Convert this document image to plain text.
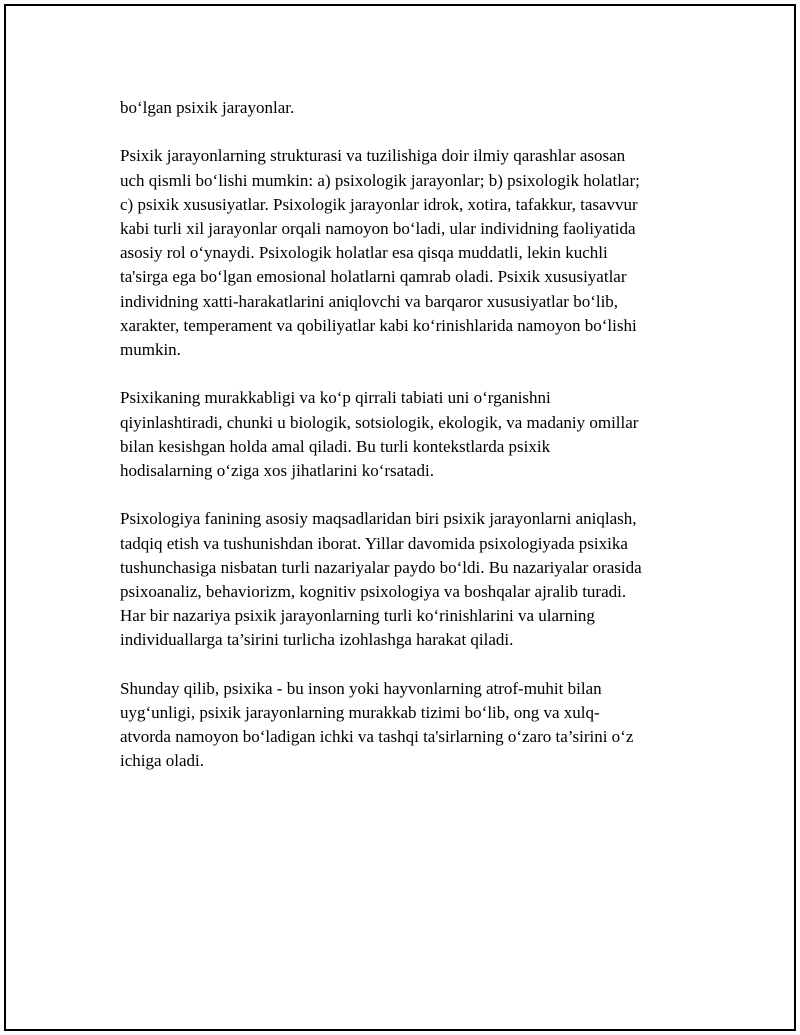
bo‘lgan psixik jarayonlar.

Psixik jarayonlarning strukturasi va tuzilishiga doir ilmiy qarashlar asosan
uch qismli bo‘lishi mumkin: a) psixologik jarayonlar; b) psixologik holatlar;
c) psixik xususiyatlar. Psixologik jarayonlar idrok, xotira, tafakkur, tasavvur
kabi turli xil jarayonlar orqali namoyon bo‘ladi, ular individning faoliyatida
asosiy rol o‘ynaydi. Psixologik holatlar esa qisqa muddatli, lekin kuchli
ta'sirga ega bo‘lgan emosional holatlarni qamrab oladi. Psixik xususiyatlar
individning xatti-harakatlarini aniqlovchi va barqaror xususiyatlar bo‘lib,
xarakter, temperament va qobiliyatlar kabi ko‘rinishlarida namoyon bo‘lishi
mumkin.

Psixikaning murakkabligi va ko‘p qirrali tabiati uni o‘rganishni
qiyinlashtiradi, chunki u biologik, sotsiologik, ekologik, va madaniy omillar
bilan kesishgan holda amal qiladi. Bu turli kontekstlarda psixik
hodisalarning o‘ziga xos jihatlarini ko‘rsatadi.

Psixologiya fanining asosiy maqsadlaridan biri psixik jarayonlarni aniqlash,
tadqiq etish va tushunishdan iborat. Yillar davomida psixologiyada psixika
tushunchasiga nisbatan turli nazariyalar paydo bo‘ldi. Bu nazariyalar orasida
psixoanaliz, behaviorizm, kognitiv psixologiya va boshqalar ajralib turadi.
Har bir nazariya psixik jarayonlarning turli ko‘rinishlarini va ularning
individuallarga ta’sirini turlicha izohlashga harakat qiladi.

Shunday qilib, psixika - bu inson yoki hayvonlarning atrof-muhit bilan
uyg‘unligi, psixik jarayonlarning murakkab tizimi bo‘lib, ong va xulq-
atvorda namoyon bo‘ladigan ichki va tashqi ta'sirlarning o‘zaro ta’sirini o‘z
ichiga oladi.
